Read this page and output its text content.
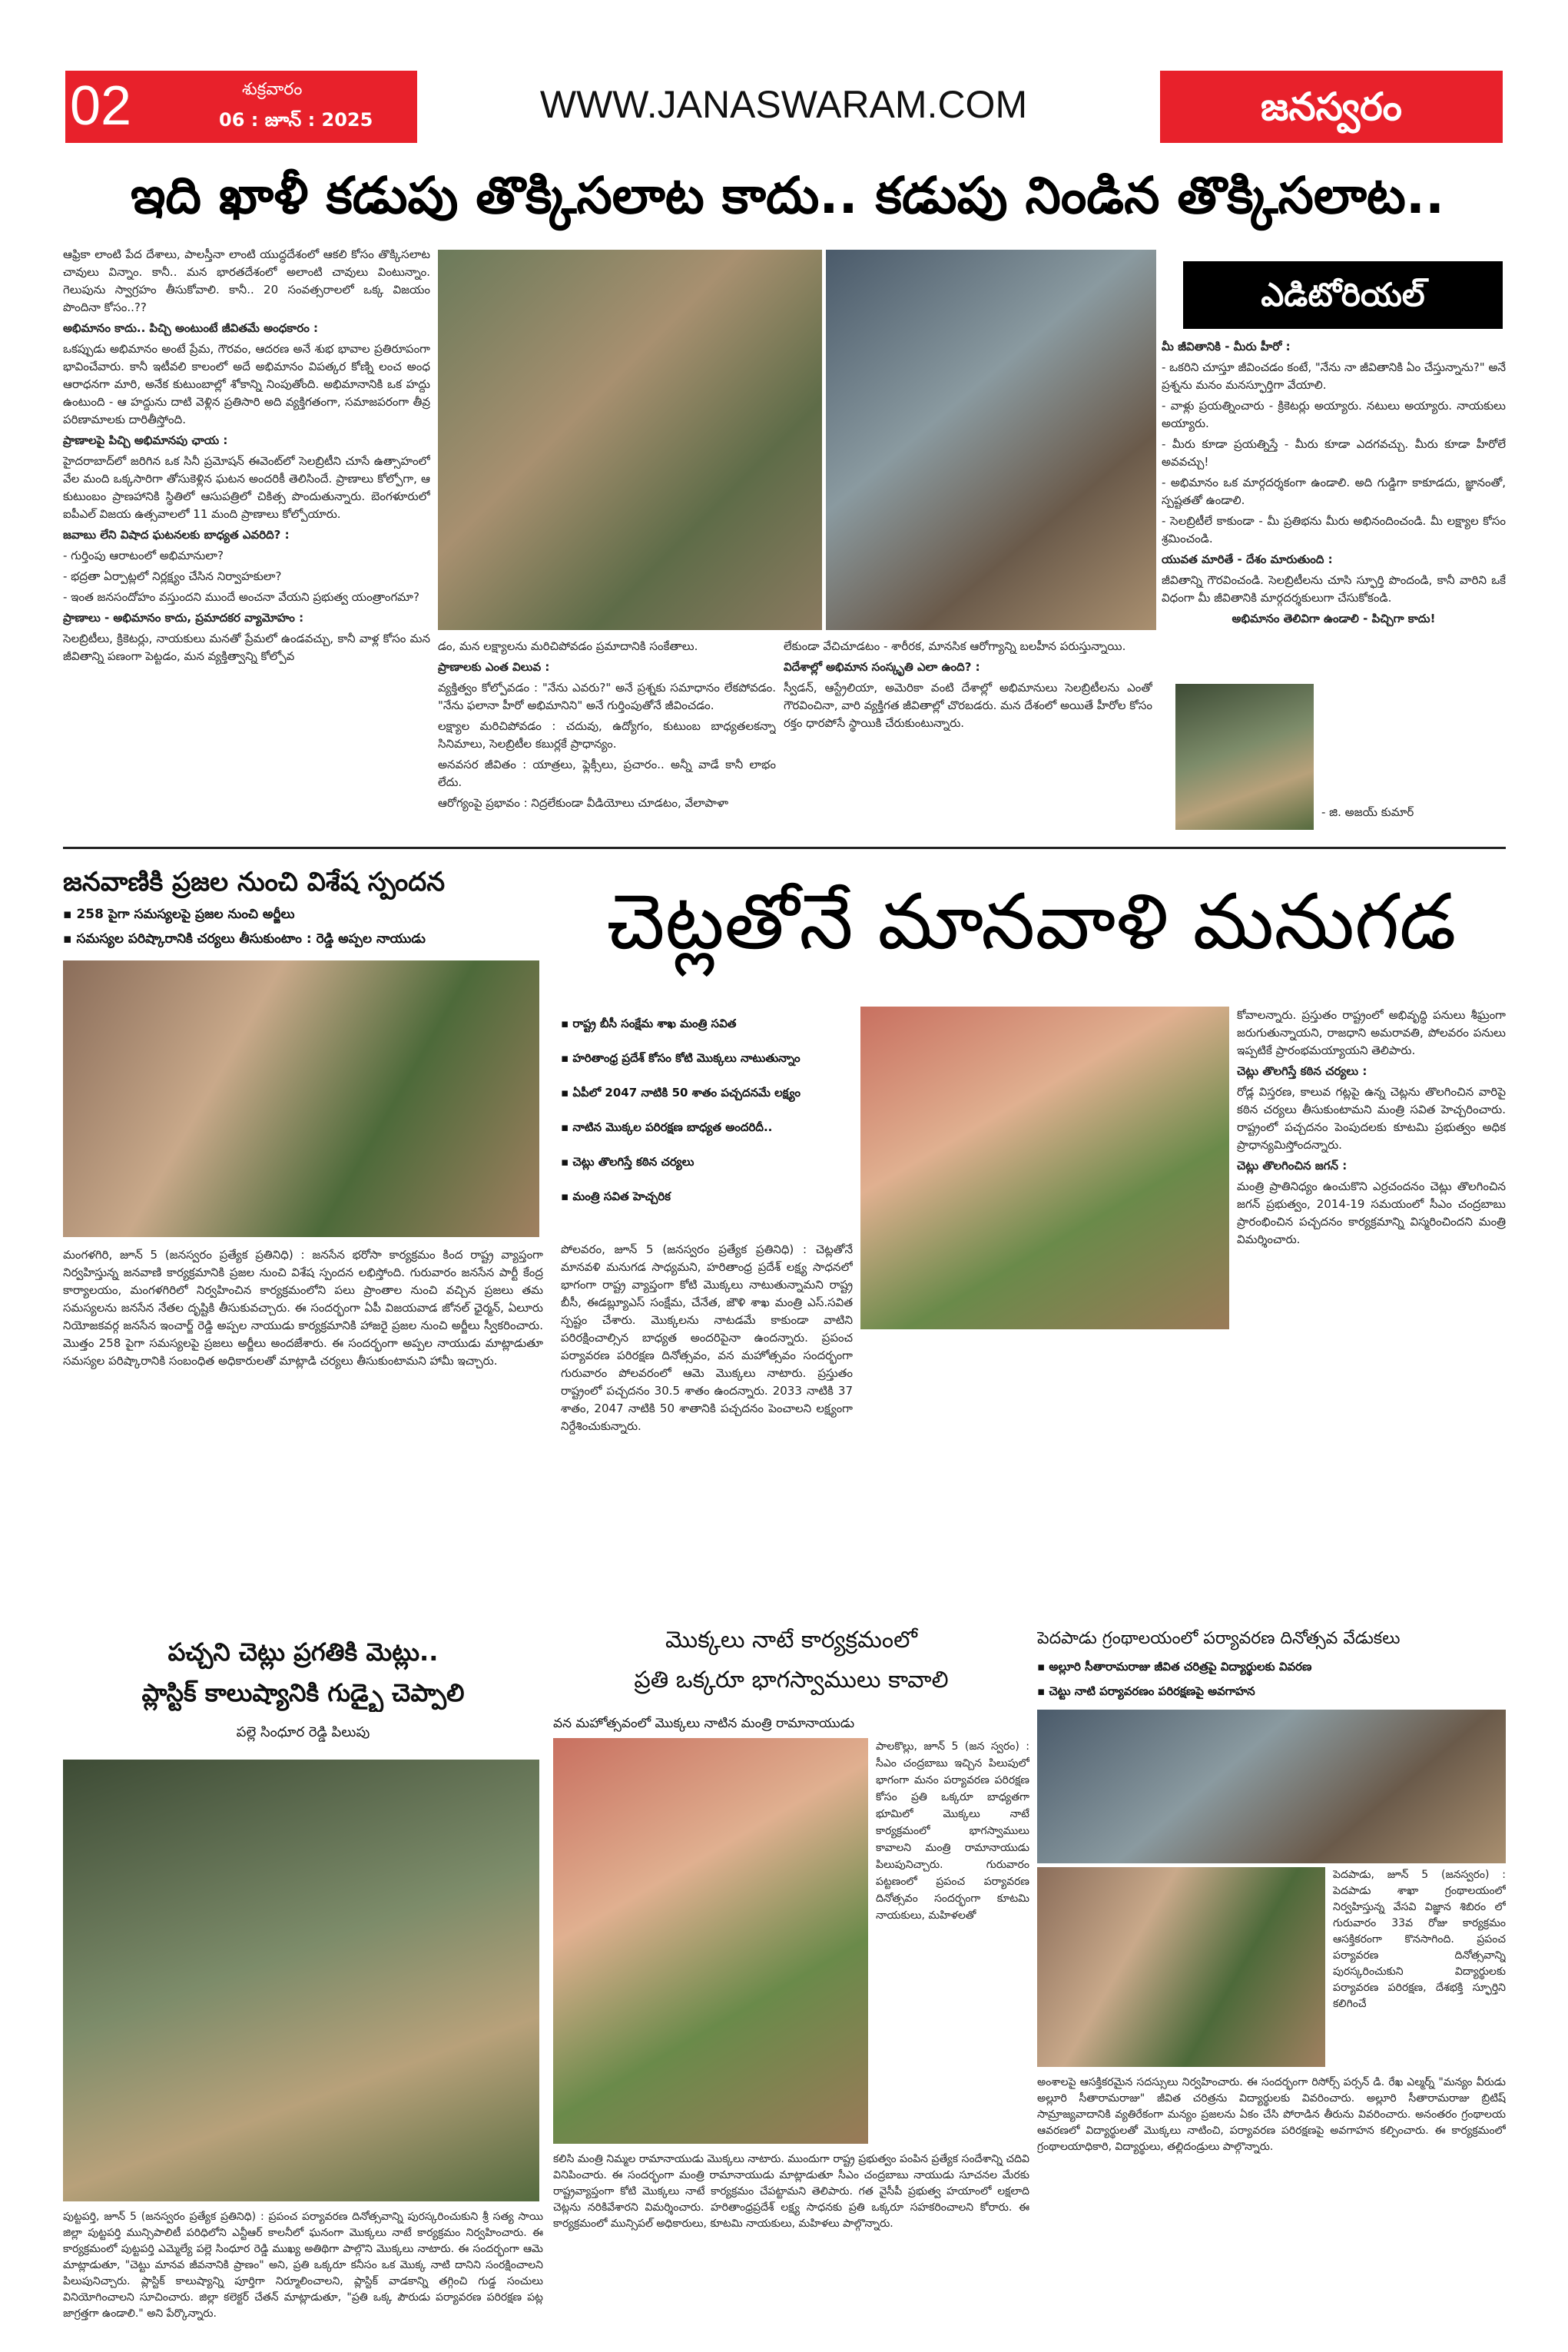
02	శుక్రవారం
06 : జూన్ : 2025	WWW.JANASWARAM.COM	జనస్వరం
ఇది ఖాళీ కడుపు తొక్కిసలాట కాదు.. కడుపు నిండిన తొక్కిసలాట..

ఆఫ్రికా లాంటి పేద దేశాలు, పాలస్తీనా లాంటి యుద్ధదేశంలో ఆకలి కోసం తొక్కిసలాట చావులు విన్నాం. కానీ.. మన భారతదేశంలో అలాంటి చావులు వింటున్నాం. గెలుపును స్వాగ్రహం తీసుకోవాలి. కానీ.. 20 సంవత్సరాలలో ఒక్క విజయం పొందినా కోసం..??

అభిమానం కాదు.. పిచ్చి అంటుంటే జీవితమే అంధకారం :

ఒకప్పుడు అభిమానం అంటే ప్రేమ, గౌరవం, ఆదరణ అనే శుభ భావాల ప్రతిరూపంగా భావించేవారు. కానీ ఇటీవలి కాలంలో అదే అభిమానం విపత్కర కోణ్ని లంచ అంధ ఆరాధనగా మారి, అనేక కుటుంబాల్లో శోకాన్ని నింపుతోంది. అభిమానానికి ఒక హద్దు ఉంటుంది - ఆ హద్దును దాటి వెళ్లిన ప్రతిసారి అది వ్యక్తిగతంగా, సమాజపరంగా తీవ్ర పరిణామాలకు దారితీస్తోంది.

ప్రాణాలపై పిచ్చి అభిమానపు ఛాయ :

హైదరాబాద్‌లో జరిగిన ఒక సినీ ప్రమోషన్ ఈవెంట్‌లో సెలబ్రిటీని చూసే ఉత్సాహంలో వేల మంది ఒక్కసారిగా తోసుకెళ్లిన ఘటన అందరికీ తెలిసిందే. ప్రాణాలు కోల్పోగా, ఆ కుటుంబం ప్రాణహానికి స్థితిలో ఆసుపత్రిలో చికిత్స పొందుతున్నారు. బెంగళూరులో ఐపీఎల్ విజయ ఉత్సవాలలో 11 మంది ప్రాణాలు కోల్పోయారు.

జవాబు లేని విషాద ఘటనలకు బాధ్యత ఎవరిది? :

- గుర్తింపు ఆరాటంలో అభిమానులా?

- భద్రతా ఏర్పాట్లలో నిర్లక్ష్యం చేసిన నిర్వాహకులా?

- ఇంత జనసందోహం వస్తుందని ముందే అంచనా వేయని ప్రభుత్వ యంత్రాంగమా?

ప్రాణాలు - అభిమానం కాదు, ప్రమాదకర వ్యామోహం :

సెలబ్రిటీలు, క్రికెటర్లు, నాయకులు మనతో ప్రేమలో ఉండవచ్చు, కానీ వాళ్ల కోసం మన జీవితాన్ని పణంగా పెట్టడం, మన వ్యక్తిత్వాన్ని కోల్పోవ

డం, మన లక్ష్యాలను మరిచిపోవడం ప్రమాదానికి సంకేతాలు.

ప్రాణాలకు ఎంత విలువ :

వ్యక్తిత్వం కోల్పోవడం : "నేను ఎవరు?" అనే ప్రశ్నకు సమాధానం లేకపోవడం. "నేను ఫలానా హీరో అభిమానిని" అనే గుర్తింపుతోనే జీవించడం.

లక్ష్యాల మరిచిపోవడం : చదువు, ఉద్యోగం, కుటుంబ బాధ్యతలకన్నా సినిమాలు, సెలబ్రిటీల కబుర్లకే ప్రాధాన్యం.

అనవసర జీవితం : యాత్రలు, ఫ్లెక్సీలు, ప్రచారం.. అన్నీ వాడే కానీ లాభం లేదు.

ఆరోగ్యంపై ప్రభావం : నిద్రలేకుండా వీడియోలు చూడటం, వేలాపాళా

లేకుండా వేచిచూడటం - శారీరక, మానసిక ఆరోగ్యాన్ని బలహీన పరుస్తున్నాయి.

విదేశాల్లో అభిమాన సంస్కృతి ఎలా ఉంది? :

స్వీడన్, ఆస్ట్రేలియా, అమెరికా వంటి దేశాల్లో అభిమానులు సెలబ్రిటీలను ఎంతో గౌరవించినా, వారి వ్యక్తిగత జీవితాల్లో చొరబడరు. మన దేశంలో అయితే హీరోల కోసం రక్తం ధారపోసే స్థాయికి చేరుకుంటున్నారు.

ఎడిటోరియల్

మీ జీవితానికి - మీరు హీరో :

- ఒకరిని చూస్తూ జీవించడం కంటే, "నేను నా జీవితానికి ఏం చేస్తున్నాను?" అనే ప్రశ్నను మనం మనస్ఫూర్తిగా వేయాలి.

- వాళ్లు ప్రయత్నించారు - క్రికెటర్లు అయ్యారు. నటులు అయ్యారు. నాయకులు అయ్యారు.

- మీరు కూడా ప్రయత్నిస్తే - మీరు కూడా ఎదగవచ్చు. మీరు కూడా హీరోలే అవవచ్చు!

- అభిమానం ఒక మార్గదర్శకంగా ఉండాలి. అది గుడ్డిగా కాకూడదు, జ్ఞానంతో, స్పష్టతతో ఉండాలి.

- సెలబ్రిటీలే కాకుండా - మీ ప్రతిభను మీరు అభినందించండి. మీ లక్ష్యాల కోసం శ్రమించండి.

యువత మారితే - దేశం మారుతుంది :

జీవితాన్ని గౌరవించండి. సెలబ్రిటీలను చూసి స్ఫూర్తి పొందండి, కానీ వారిని ఒకే విధంగా మీ జీవితానికి మార్గదర్శకులుగా చేసుకోకండి.

అభిమానం తెలివిగా ఉండాలి - పిచ్చిగా కాదు!

- జి. అజయ్ కుమార్
జనవాణికి ప్రజల నుంచి విశేష స్పందన
▪ 258 పైగా సమస్యలపై ప్రజల నుంచి అర్జీలు
▪ సమస్యల పరిష్కారానికి చర్యలు తీసుకుంటాం : రెడ్డి అప్పల నాయుడు
మంగళగిరి, జూన్ 5 (జనస్వరం ప్రత్యేక ప్రతినిధి) : జనసేన భరోసా కార్యక్రమం కింద రాష్ట్ర వ్యాప్తంగా నిర్వహిస్తున్న జనవాణి కార్యక్రమానికి ప్రజల నుంచి విశేష స్పందన లభిస్తోంది. గురువారం జనసేన పార్టీ కేంద్ర కార్యాలయం, మంగళగిరిలో నిర్వహించిన కార్యక్రమంలోని పలు ప్రాంతాల నుంచి వచ్చిన ప్రజలు తమ సమస్యలను జనసేన నేతల దృష్టికి తీసుకువచ్చారు. ఈ సందర్భంగా ఏపీ విజయవాడ జోనల్ ఛైర్మన్, ఏలూరు నియోజకవర్గ జనసేన ఇంచార్జ్ రెడ్డి అప్పల నాయుడు కార్యక్రమానికి హాజరై ప్రజల నుంచి అర్జీలు స్వీకరించారు. మొత్తం 258 పైగా సమస్యలపై ప్రజలు అర్జీలు అందజేశారు. ఈ సందర్భంగా అప్పల నాయుడు మాట్లాడుతూ సమస్యల పరిష్కారానికి సంబంధిత అధికారులతో మాట్లాడి చర్యలు తీసుకుంటామని హామీ ఇచ్చారు.
చెట్లతోనే మానవాళి మనుగడ
▪ రాష్ట్ర బీసీ సంక్షేమ శాఖ మంత్రి సవిత
▪ హరితాంధ్ర ప్రదేశ్ కోసం కోటి మొక్కలు నాటుతున్నాం
▪ ఏపీలో 2047 నాటికి 50 శాతం పచ్చదనమే లక్ష్యం
▪ నాటిన మొక్కల పరిరక్షణ బాధ్యత అందరిదీ..
▪ చెట్లు తొలగిస్తే కఠిన చర్యలు
▪ మంత్రి సవిత హెచ్చరిక
పోలవరం, జూన్ 5 (జనస్వరం ప్రత్యేక ప్రతినిధి) : చెట్లతోనే మానవళి మనుగడ సాధ్యమని, హరితాంధ్ర ప్రదేశ్ లక్ష్య సాధనలో భాగంగా రాష్ట్ర వ్యాప్తంగా కోటి మొక్కలు నాటుతున్నామని రాష్ట్ర బీసీ, ఈడబ్ల్యూఎస్ సంక్షేమ, చేనేత, జౌళి శాఖ మంత్రి ఎస్.సవిత స్పష్టం చేశారు. మొక్కలను నాటడమే కాకుండా వాటిని పరిరక్షించాల్సిన బాధ్యత అందరిపైనా ఉందన్నారు. ప్రపంచ పర్యావరణ పరిరక్షణ దినోత్సవం, వన మహోత్సవం సందర్భంగా గురువారం పోలవరంలో ఆమె మొక్కలు నాటారు. ప్రస్తుతం రాష్ట్రంలో పచ్చదనం 30.5 శాతం ఉందన్నారు. 2033 నాటికి 37 శాతం, 2047 నాటికి 50 శాతానికి పచ్చదనం పెంచాలని లక్ష్యంగా నిర్దేశించుకున్నారు.

కోవాలన్నారు. ప్రస్తుతం రాష్ట్రంలో అభివృద్ధి పనులు శీఘ్రంగా జరుగుతున్నాయని, రాజధాని అమరావతి, పోలవరం పనులు ఇప్పటికే ప్రారంభమయ్యాయని తెలిపారు.

చెట్లు తొలగిస్తే కఠిన చర్యలు :

రోడ్ల విస్తరణ, కాలువ గట్లపై ఉన్న చెట్లను తొలగించిన వారిపై కఠిన చర్యలు తీసుకుంటామని మంత్రి సవిత హెచ్చరించారు. రాష్ట్రంలో పచ్చదనం పెంపుదలకు కూటమి ప్రభుత్వం అధిక ప్రాధాన్యమిస్తోందన్నారు.

చెట్లు తొలగించిన జగన్ :

మంత్రి ప్రాతినిధ్యం ఉంచుకొని ఎర్రచందనం చెట్లు తొలగించిన జగన్ ప్రభుత్వం, 2014-19 సమయంలో సీఎం చంద్రబాబు ప్రారంభించిన పచ్చదనం కార్యక్రమాన్ని విస్మరించిందని మంత్రి విమర్శించారు.

పచ్చని చెట్లు ప్రగతికి మెట్లు..
ప్లాస్టిక్ కాలుష్యానికి గుడ్బై చెప్పాలి
పల్లె సింధూర రెడ్డి పిలుపు
పుట్టపర్తి, జూన్ 5 (జనస్వరం ప్రత్యేక ప్రతినిధి) : ప్రపంచ పర్యావరణ దినోత్సవాన్ని పురస్కరించుకుని శ్రీ సత్య సాయి జిల్లా పుట్టపర్తి మున్సిపాలిటీ పరిధిలోని ఎన్టీఆర్ కాలనీలో ఘనంగా మొక్కలు నాటే కార్యక్రమం నిర్వహించారు. ఈ కార్యక్రమంలో పుట్టపర్తి ఎమ్మెల్యే పల్లె సింధూర రెడ్డి ముఖ్య అతిథిగా పాల్గొని మొక్కలు నాటారు. ఈ సందర్భంగా ఆమె మాట్లాడుతూ, "చెట్టు మానవ జీవనానికి ప్రాణం" అని, ప్రతి ఒక్కరూ కనీసం ఒక మొక్క నాటి దానిని సంరక్షించాలని పిలుపునిచ్చారు. ప్లాస్టిక్ కాలుష్యాన్ని పూర్తిగా నిర్మూలించాలని, ప్లాస్టిక్ వాడకాన్ని తగ్గించి గుడ్డ సంచులు వినియోగించాలని సూచించారు. జిల్లా కలెక్టర్ చేతన్ మాట్లాడుతూ, "ప్రతి ఒక్క పౌరుడు పర్యావరణ పరిరక్షణ పట్ల జాగ్రత్తగా ఉండాలి." అని పేర్కొన్నారు.
మొక్కలు నాటే కార్యక్రమంలో
ప్రతి ఒక్కరూ భాగస్వాములు కావాలి
వన మహోత్సవంలో మొక్కలు నాటిన మంత్రి రామానాయుడు
పాలకొల్లు, జూన్ 5 (జన స్వరం) : సీఎం చంద్రబాబు ఇచ్చిన పిలుపులో భాగంగా మనం పర్యావరణ పరిరక్షణ కోసం ప్రతి ఒక్కరూ బాధ్యతగా భూమిలో మొక్కలు నాటే కార్యక్రమంలో భాగస్వాములు కావాలని మంత్రి రామానాయుడు పిలుపునిచ్చారు. గురువారం పట్టణంలో ప్రపంచ పర్యావరణ దినోత్సవం సందర్భంగా కూటమి నాయకులు, మహిళలతో
కలిసి మంత్రి నిమ్మల రామానాయుడు మొక్కలు నాటారు. ముందుగా రాష్ట్ర ప్రభుత్వం పంపిన ప్రత్యేక సందేశాన్ని చదివి వినిపించారు. ఈ సందర్భంగా మంత్రి రామానాయుడు మాట్లాడుతూ సీఎం చంద్రబాబు నాయుడు సూచనల మేరకు రాష్ట్రవ్యాప్తంగా కోటి మొక్కలు నాటే కార్యక్రమం చేపట్టామని తెలిపారు. గత వైసీపీ ప్రభుత్వ హయాంలో లక్షలాది చెట్లను నరికివేశారని విమర్శించారు. హరితాంధ్రప్రదేశ్ లక్ష్య సాధనకు ప్రతి ఒక్కరూ సహకరించాలని కోరారు. ఈ కార్యక్రమంలో మున్సిపల్ అధికారులు, కూటమి నాయకులు, మహిళలు పాల్గొన్నారు.
పెదపాడు గ్రంథాలయంలో పర్యావరణ దినోత్సవ వేడుకలు
▪ అల్లూరి సీతారామరాజు జీవిత చరిత్రపై విద్యార్థులకు వివరణ
▪ చెట్టు నాటి పర్యావరణం పరిరక్షణపై అవగాహన
పెదపాడు, జూన్ 5 (జనస్వరం) : పెదపాడు శాఖా గ్రంథాలయంలో నిర్వహిస్తున్న వేసవి విజ్ఞాన శిబిరం లో గురువారం 33వ రోజు కార్యక్రమం ఆసక్తికరంగా కొనసాగింది. ప్రపంచ పర్యావరణ దినోత్సవాన్ని పురస్కరించుకుని విద్యార్థులకు పర్యావరణ పరిరక్షణ, దేశభక్తి స్ఫూర్తిని కలిగించే
అంశాలపై ఆసక్తికరమైన సదస్సులు నిర్వహించారు. ఈ సందర్భంగా రిసోర్స్ పర్సన్ డి. రేఖ ఎల్మర్న్ "మన్యం వీరుడు అల్లూరి సీతారామరాజు" జీవిత చరిత్రను విద్యార్థులకు వివరించారు. అల్లూరి సీతారామరాజు బ్రిటిష్ సామ్రాజ్యవాదానికి వ్యతిరేకంగా మన్యం ప్రజలను ఏకం చేసి పోరాడిన తీరును వివరించారు. అనంతరం గ్రంథాలయ ఆవరణలో విద్యార్థులతో మొక్కలు నాటించి, పర్యావరణ పరిరక్షణపై అవగాహన కల్పించారు. ఈ కార్యక్రమంలో గ్రంథాలయాధికారి, విద్యార్థులు, తల్లిదండ్రులు పాల్గొన్నారు.
